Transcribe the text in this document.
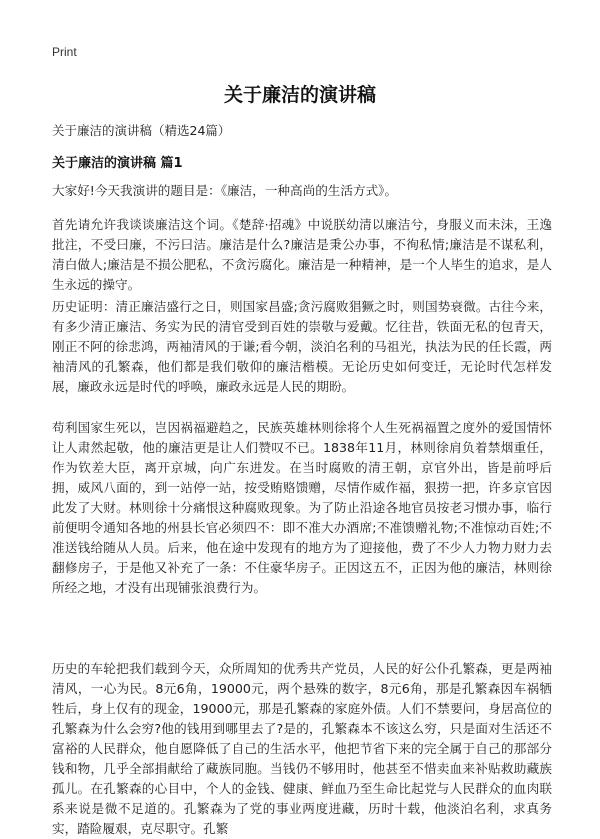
Print
关于廉洁的演讲稿
关于廉洁的演讲稿（精选24篇）
关于廉洁的演讲稿 篇1

大家好!今天我演讲的题目是：《廉洁，一种高尚的生活方式》。

首先请允许我谈谈廉洁这个词。《楚辞·招魂》中说朕幼清以廉洁兮，身服义而未沬，王逸批注，不受曰廉，不污曰洁。廉洁是什么?廉洁是秉公办事，不徇私情;廉洁是不谋私利，清白做人;廉洁是不损公肥私，不贪污腐化。廉洁是一种精神，是一个人毕生的追求，是人生永远的操守。

历史证明：清正廉洁盛行之日，则国家昌盛;贪污腐败猖獗之时，则国势衰微。古往今来，有多少清正廉洁、务实为民的清官受到百姓的崇敬与爱戴。忆往昔，铁面无私的包青天，刚正不阿的徐悲鸿，两袖清风的于谦;看今朝，淡泊名利的马祖光，执法为民的任长霞，两袖清风的孔繁森，他们都是我们敬仰的廉洁楷模。无论历史如何变迁，无论时代怎样发展，廉政永远是时代的呼唤，廉政永远是人民的期盼。

苟利国家生死以，岂因祸福避趋之，民族英雄林则徐将个人生死祸福置之度外的爱国情怀让人肃然起敬，他的廉洁更是让人们赞叹不已。1838年11月，林则徐肩负着禁烟重任，作为钦差大臣，离开京城，向广东进发。在当时腐败的清王朝，京官外出，皆是前呼后拥，威风八面的，到一站停一站，按受贿赂馈赠，尽情作威作福，狠捞一把，许多京官因此发了大财。林则徐十分痛恨这种腐败现象。为了防止沿途各地官员按老习惯办事，临行前便明令通知各地的州县长官必须四不：即不准大办酒席;不准馈赠礼物;不准惊动百姓;不准送钱给随从人员。后来，他在途中发现有的地方为了迎接他，费了不少人力物力财力去翻修房子，于是他又补充了一条：不住豪华房子。正因这五不，正因为他的廉洁，林则徐所经之地，才没有出现铺张浪费行为。

历史的车轮把我们载到今天，众所周知的优秀共产党员，人民的好公仆孔繁森，更是两袖清风，一心为民。8元6角，19000元，两个悬殊的数字，8元6角，那是孔繁森因车祸牺牲后，身上仅有的现金，19000元，那是孔繁森的家庭外债。人们不禁要问，身居高位的孔繁森为什么会穷?他的钱用到哪里去了?是的，孔繁森本不该这么穷，只是面对生活还不富裕的人民群众，他自愿降低了自己的生活水平，他把节省下来的完全属于自己的那部分钱和物，几乎全部捐献给了藏族同胞。当钱仍不够用时，他甚至不惜卖血来补贴救助藏族孤儿。在孔繁森的心目中，个人的金钱、健康、鲜血乃至生命比起党与人民群众的血肉联系来说是微不足道的。孔繁森为了党的事业两度进藏，历时十载，他淡泊名利，求真务实，踏险履艰，克尽职守。孔繁
